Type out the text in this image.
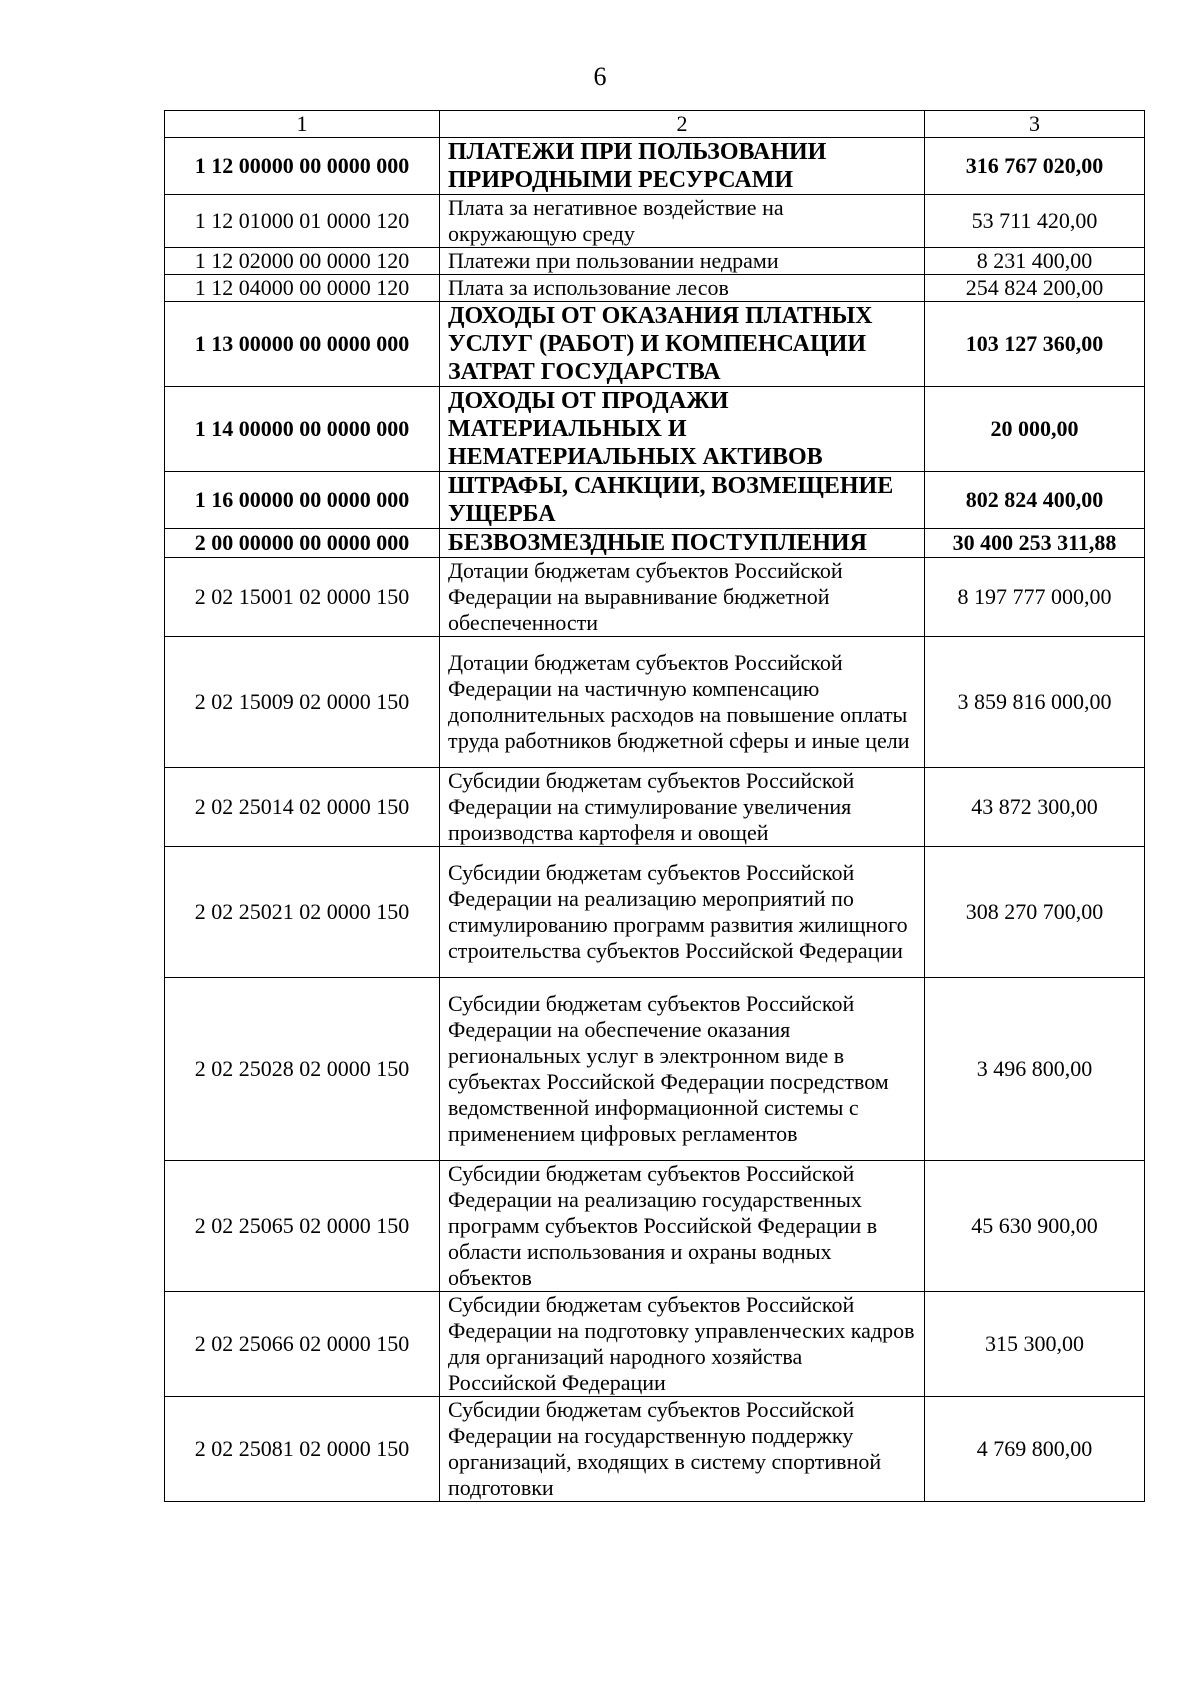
6
1	2	3
1 12 00000 00 0000 000	ПЛАТЕЖИ ПРИ ПОЛЬЗОВАНИИ ПРИРОДНЫМИ РЕСУРСАМИ	316 767 020,00
1 12 01000 01 0000 120	Плата за негативное воздействие на окружающую среду	53 711 420,00
1 12 02000 00 0000 120	Платежи при пользовании недрами	8 231 400,00
1 12 04000 00 0000 120	Плата за использование лесов	254 824 200,00
1 13 00000 00 0000 000	ДОХОДЫ ОТ ОКАЗАНИЯ ПЛАТНЫХ УСЛУГ (РАБОТ) И КОМПЕНСАЦИИ ЗАТРАТ ГОСУДАРСТВА	103 127 360,00
1 14 00000 00 0000 000	ДОХОДЫ ОТ ПРОДАЖИ МАТЕРИАЛЬНЫХ И НЕМАТЕРИАЛЬНЫХ АКТИВОВ	20 000,00
1 16 00000 00 0000 000	ШТРАФЫ, САНКЦИИ, ВОЗМЕЩЕНИЕ УЩЕРБА	802 824 400,00
2 00 00000 00 0000 000	БЕЗВОЗМЕЗДНЫЕ ПОСТУПЛЕНИЯ	30 400 253 311,88
2 02 15001 02 0000 150	Дотации бюджетам субъектов Российской Федерации на выравнивание бюджетной обеспеченности	8 197 777 000,00
2 02 15009 02 0000 150	Дотации бюджетам субъектов Российской Федерации на частичную компенсацию дополнительных расходов на повышение оплаты труда работников бюджетной сферы и иные цели	3 859 816 000,00
2 02 25014 02 0000 150	Субсидии бюджетам субъектов Российской Федерации на стимулирование увеличения производства картофеля и овощей	43 872 300,00
2 02 25021 02 0000 150	Субсидии бюджетам субъектов Российской Федерации на реализацию мероприятий по стимулированию программ развития жилищного строительства субъектов Российской Федерации	308 270 700,00
2 02 25028 02 0000 150	Субсидии бюджетам субъектов Российской Федерации на обеспечение оказания региональных услуг в электронном виде в субъектах Российской Федерации посредством ведомственной информационной системы с применением цифровых регламентов	3 496 800,00
2 02 25065 02 0000 150	Субсидии бюджетам субъектов Российской Федерации на реализацию государственных программ субъектов Российской Федерации в области использования и охраны водных объектов	45 630 900,00
2 02 25066 02 0000 150	Субсидии бюджетам субъектов Российской Федерации на подготовку управленческих кадров для организаций народного хозяйства Российской Федерации	315 300,00
2 02 25081 02 0000 150	Субсидии бюджетам субъектов Российской Федерации на государственную поддержку организаций, входящих в систему спортивной подготовки	4 769 800,00
